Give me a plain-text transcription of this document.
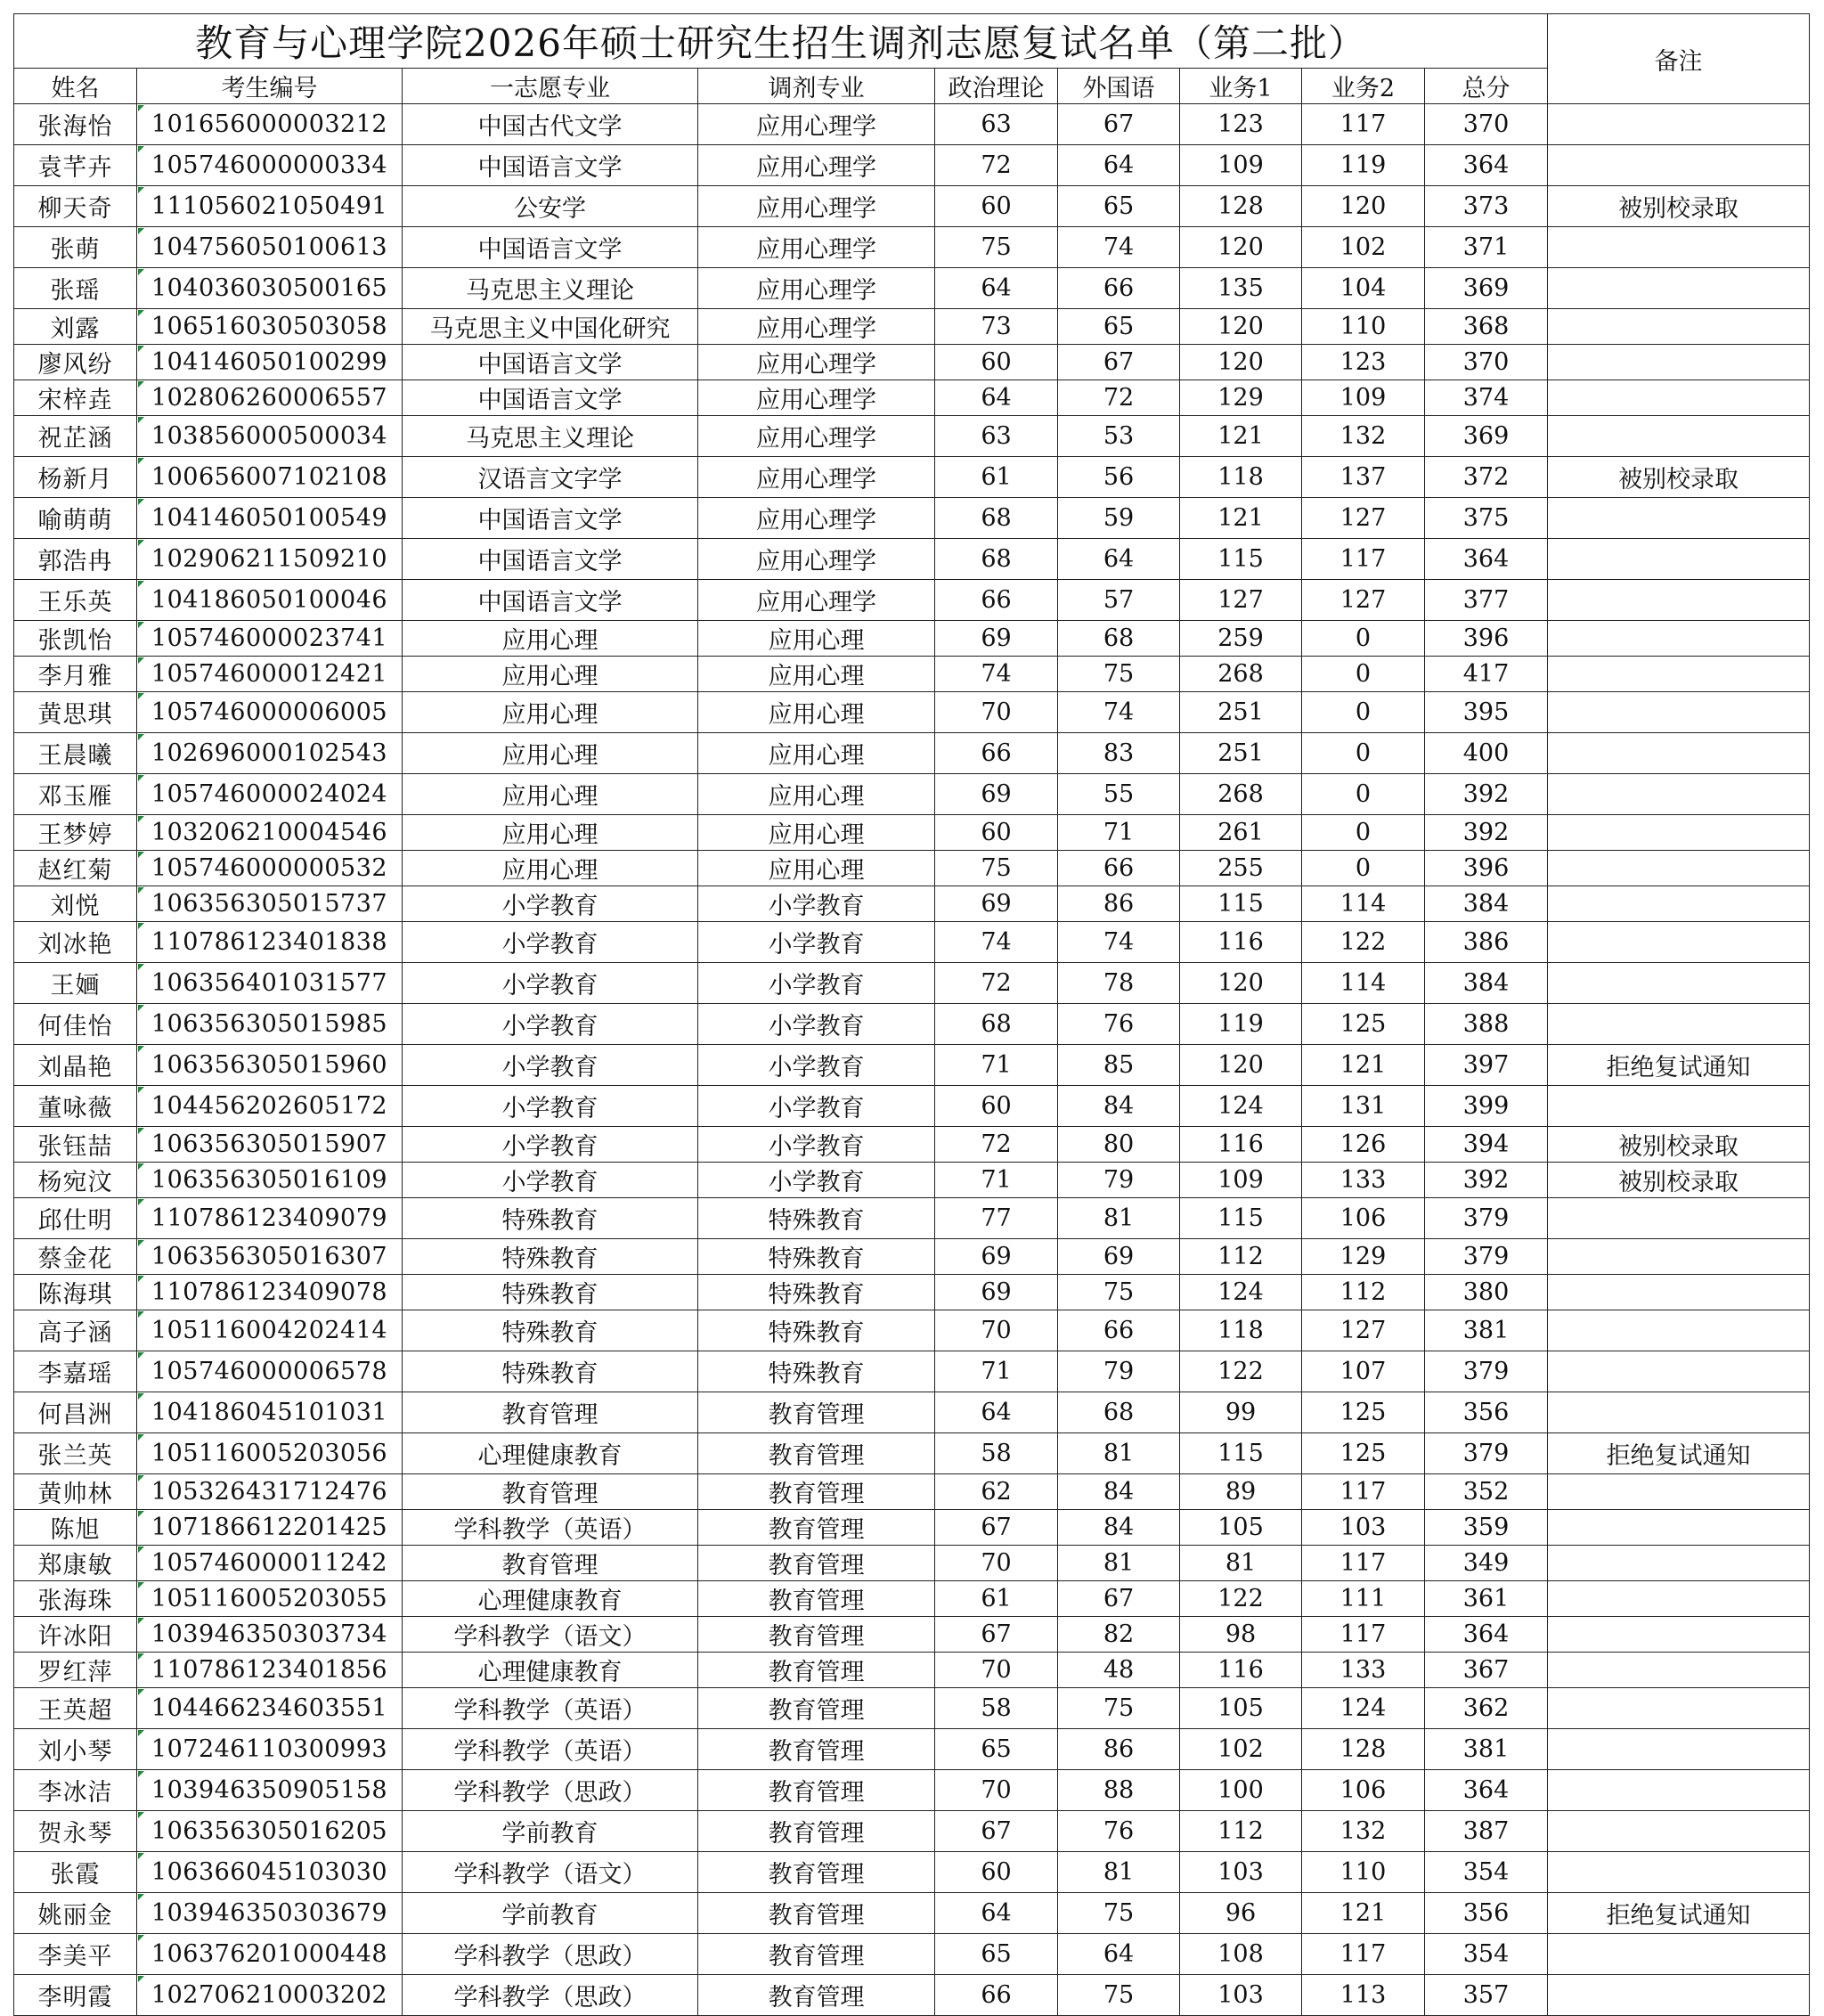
教育与心理学院2026年硕士研究生招生调剂志愿复试名单（第二批）									备注
姓名	考生编号	一志愿专业	调剂专业	政治理论	外国语	业务1	业务2	总分	
张海怡	101656000003212	中国古代文学	应用心理学	63	67	123	117	370	
袁芊卉	105746000000334	中国语言文学	应用心理学	72	64	109	119	364	
柳天奇	111056021050491	公安学	应用心理学	60	65	128	120	373	被别校录取
张萌	104756050100613	中国语言文学	应用心理学	75	74	120	102	371	
张瑶	104036030500165	马克思主义理论	应用心理学	64	66	135	104	369	
刘露	106516030503058	马克思主义中国化研究	应用心理学	73	65	120	110	368	
廖风纷	104146050100299	中国语言文学	应用心理学	60	67	120	123	370	
宋梓垚	102806260006557	中国语言文学	应用心理学	64	72	129	109	374	
祝芷涵	103856000500034	马克思主义理论	应用心理学	63	53	121	132	369	
杨新月	100656007102108	汉语言文字学	应用心理学	61	56	118	137	372	被别校录取
喻萌萌	104146050100549	中国语言文学	应用心理学	68	59	121	127	375	
郭浩冉	102906211509210	中国语言文学	应用心理学	68	64	115	117	364	
王乐英	104186050100046	中国语言文学	应用心理学	66	57	127	127	377	
张凯怡	105746000023741	应用心理	应用心理	69	68	259	0	396	
李月雅	105746000012421	应用心理	应用心理	74	75	268	0	417	
黄思琪	105746000006005	应用心理	应用心理	70	74	251	0	395	
王晨曦	102696000102543	应用心理	应用心理	66	83	251	0	400	
邓玉雁	105746000024024	应用心理	应用心理	69	55	268	0	392	
王梦婷	103206210004546	应用心理	应用心理	60	71	261	0	392	
赵红菊	105746000000532	应用心理	应用心理	75	66	255	0	396	
刘悦	106356305015737	小学教育	小学教育	69	86	115	114	384	
刘冰艳	110786123401838	小学教育	小学教育	74	74	116	122	386	
王婳	106356401031577	小学教育	小学教育	72	78	120	114	384	
何佳怡	106356305015985	小学教育	小学教育	68	76	119	125	388	
刘晶艳	106356305015960	小学教育	小学教育	71	85	120	121	397	拒绝复试通知
董咏薇	104456202605172	小学教育	小学教育	60	84	124	131	399	
张钰喆	106356305015907	小学教育	小学教育	72	80	116	126	394	被别校录取
杨宛汶	106356305016109	小学教育	小学教育	71	79	109	133	392	被别校录取
邱仕明	110786123409079	特殊教育	特殊教育	77	81	115	106	379	
蔡金花	106356305016307	特殊教育	特殊教育	69	69	112	129	379	
陈海琪	110786123409078	特殊教育	特殊教育	69	75	124	112	380	
高子涵	105116004202414	特殊教育	特殊教育	70	66	118	127	381	
李嘉瑶	105746000006578	特殊教育	特殊教育	71	79	122	107	379	
何昌洲	104186045101031	教育管理	教育管理	64	68	99	125	356	
张兰英	105116005203056	心理健康教育	教育管理	58	81	115	125	379	拒绝复试通知
黄帅林	105326431712476	教育管理	教育管理	62	84	89	117	352	
陈旭	107186612201425	学科教学（英语）	教育管理	67	84	105	103	359	
郑康敏	105746000011242	教育管理	教育管理	70	81	81	117	349	
张海珠	105116005203055	心理健康教育	教育管理	61	67	122	111	361	
许冰阳	103946350303734	学科教学（语文）	教育管理	67	82	98	117	364	
罗红萍	110786123401856	心理健康教育	教育管理	70	48	116	133	367	
王英超	104466234603551	学科教学（英语）	教育管理	58	75	105	124	362	
刘小琴	107246110300993	学科教学（英语）	教育管理	65	86	102	128	381	
李冰洁	103946350905158	学科教学（思政）	教育管理	70	88	100	106	364	
贺永琴	106356305016205	学前教育	教育管理	67	76	112	132	387	
张霞	106366045103030	学科教学（语文）	教育管理	60	81	103	110	354	
姚丽金	103946350303679	学前教育	教育管理	64	75	96	121	356	拒绝复试通知
李美平	106376201000448	学科教学（思政）	教育管理	65	64	108	117	354	
李明霞	102706210003202	学科教学（思政）	教育管理	66	75	103	113	357	
